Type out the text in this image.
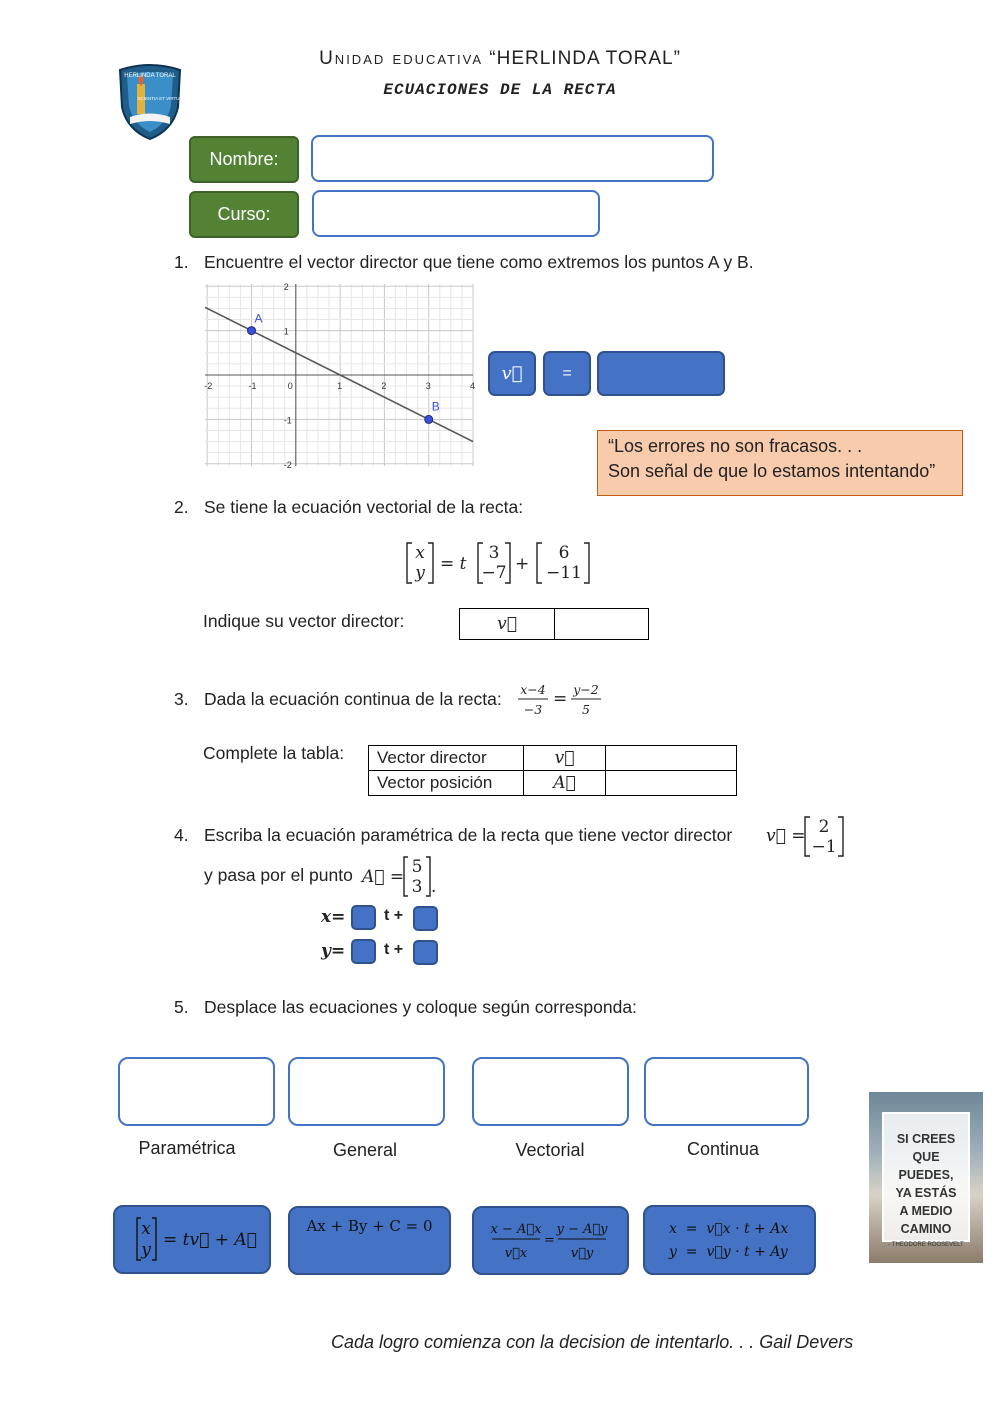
Unidad educativa “HERLINDA TORAL”
ECUACIONES DE LA RECTA
HERLINDA TORAL
SCIENTIA ET VIRTUS
Nombre:
Curso:
1. Encuentre el vector director que tiene como extremos los puntos A y B.
-2	-1	0	1	2	3	4
2
1
-1
-2
A
B
v⃗ =
“Los errores no son fracasos. . .
Son señal de que lo estamos intentando”
2. Se tiene la ecuación vectorial de la recta:
x
y = t
3
−7 +
6
−11
Indique su vector director:	v⃗	
3. Dada la ecuación continua de la recta: x−4
−3
= y−2
5
Complete la tabla: Vector director	v⃗	
Vector posición	A⃗	
4. Escriba la ecuación paramétrica de la recta que tiene vector director v⃗ = 2
−1
y pasa por el punto A⃗ = 5
3 .
x= t +
y= t +
5. Desplace las ecuaciones y coloque según corresponda:
Paramétrica	General	Vectorial	Continua
x
y = tv⃗ + A⃗
Ax + By + C = 0	x − A⃗x
v⃗x
=
y − A⃗y
v⃗y
x  =  v⃗x · t + Ax
y  =  v⃗y · t + Ay
SI CREES
QUE PUEDES,
YA ESTÁS
A MEDIO
CAMINO
- THEODORE ROOSEVELT
Cada logro comienza con la decision de intentarlo. . . Gail Devers
